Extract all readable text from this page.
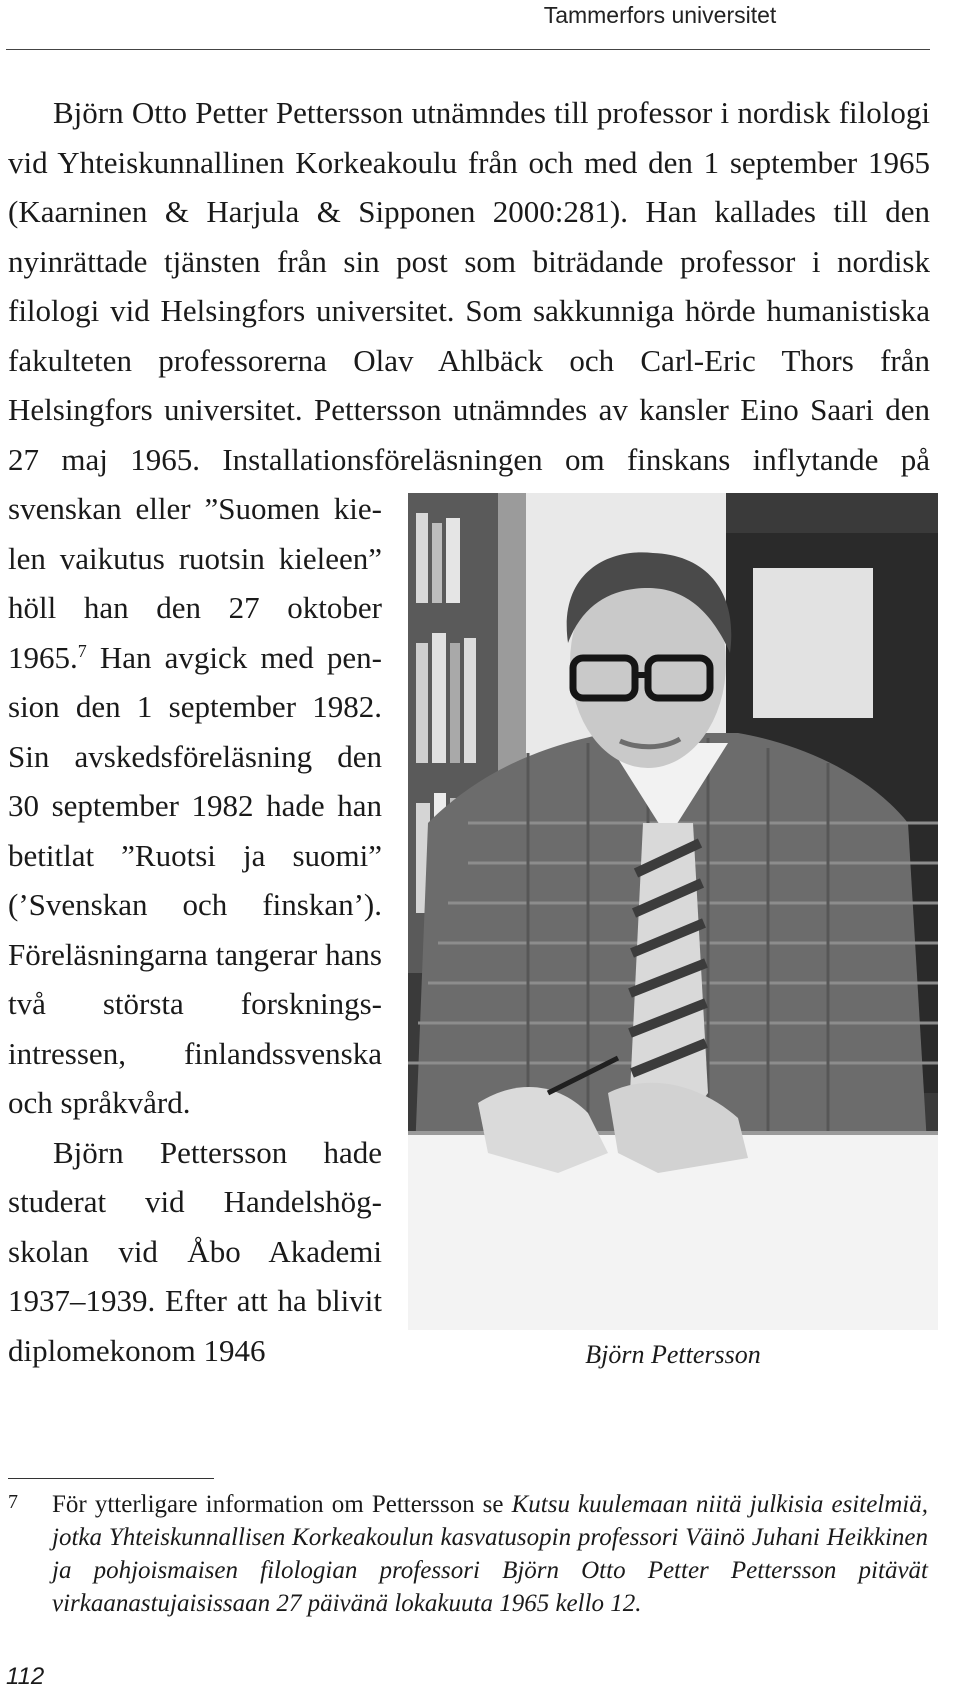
Tammerfors universitet

Björn Otto Petter Pettersson utnämndes till professor i nordisk filologi vid Yhteiskunnallinen Korkeakoulu från och med den 1 september 1965 (Kaarninen & Harjula & Sipponen 2000:281). Han kallades till den nyinrättade tjänsten från sin post som biträdande professor i nordisk filologi vid Helsingfors universitet. Som sakkunniga hörde humanistiska fakulteten professorerna Olav Ahlbäck och Carl-Eric Thors från Helsingfors universitet. Pettersson utnämndes av kansler Eino Saari den 27 maj 1965. Installationsföreläsningen
Björn Pettersson
om finskans inflytande på svenskan eller ”Suomen kielen vaikutus ruotsin kieleen” höll han den 27 oktober 1965.$^7$ Han avgick med pension den 1 september 1982. Sin avskedsföreläsning den 30 september 1982 hade han betitlat ”Ruotsi ja suomi” (’Svenskan och finskan’). Föreläsningarna tangerar hans två största forskningsintressen, finlandssvenska och språkvård.

Björn Pettersson hade studerat vid Handelshögskolan vid Åbo Akademi 1937–1939. Efter att ha blivit diplomekonom 1946

7 För ytterligare information om Pettersson se Kutsu kuulemaan niitä julkisia esitelmiä, jotka Yhteiskunnallisen Korkeakoulun kasvatusopin professori Väinö Juhani Heikkinen ja pohjoismaisen filologian professori Björn Otto Petter Pettersson pitävät virkaanastujaisissaan 27 päivänä lokakuuta 1965 kello 12.
112
